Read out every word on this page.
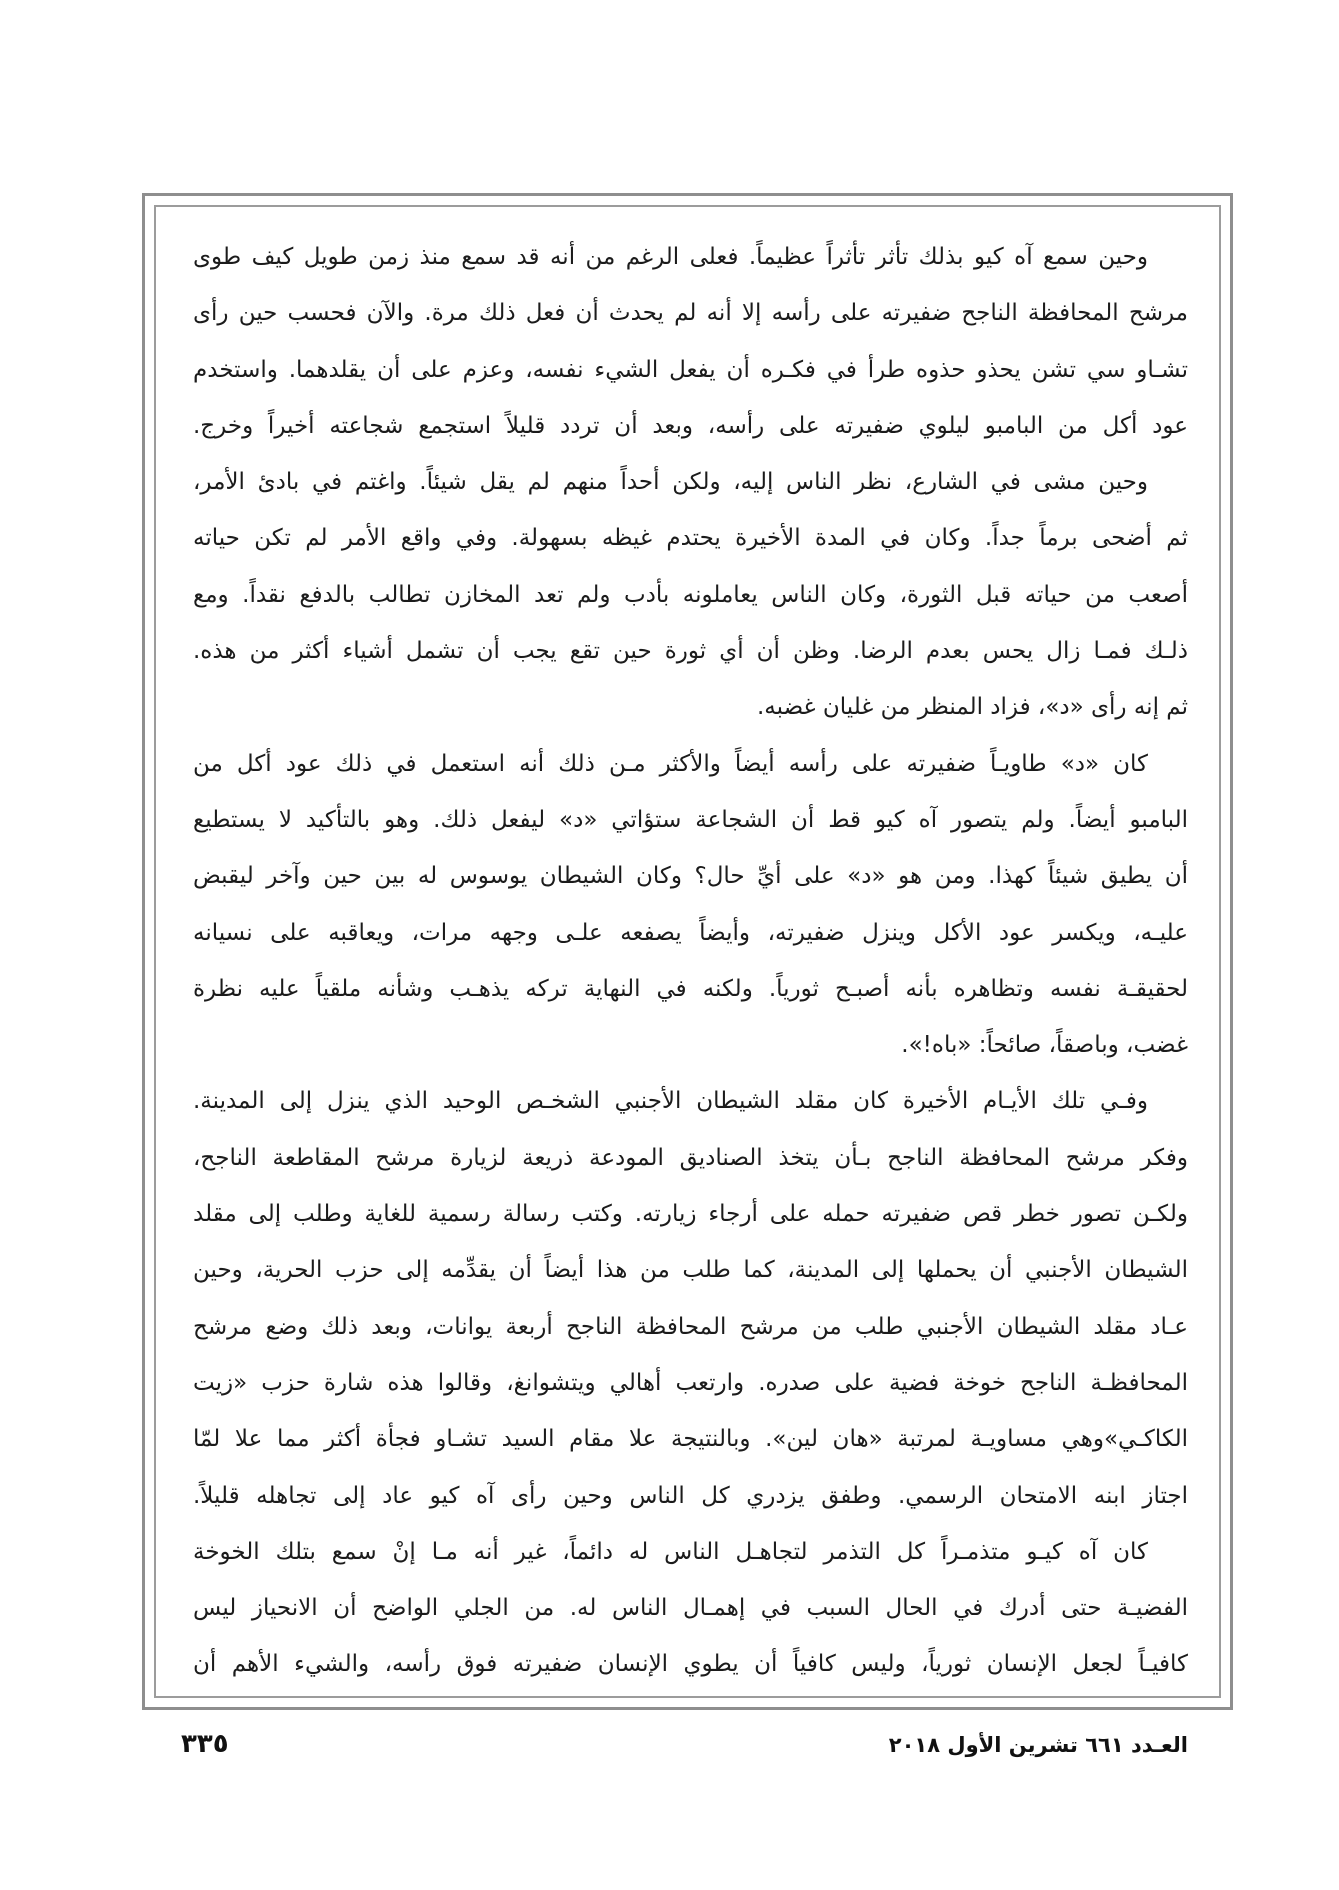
وحين سمع آه كيو بذلك تأثر تأثراً عظيماً. فعلى الرغم من أنه قد سمع منذ زمن طويل كيف طوى
مرشح المحافظة الناجح ضفيرته على رأسه إلا أنه لم يحدث أن فعل ذلك مرة. والآن فحسب حين رأى
تشـاو سي تشن يحذو حذوه طرأ في فكـره أن يفعل الشيء نفسه، وعزم على أن يقلدهما. واستخدم
عود أكل من البامبو ليلوي ضفيرته على رأسه، وبعد أن تردد قليلاً استجمع شجاعته أخيراً وخرج.
وحين مشى في الشارع، نظر الناس إليه، ولكن أحداً منهم لم يقل شيئاً. واغتم في بادئ الأمر،
ثم أضحى برماً جداً. وكان في المدة الأخيرة يحتدم غيظه بسهولة. وفي واقع الأمر لم تكن حياته
أصعب من حياته قبل الثورة، وكان الناس يعاملونه بأدب ولم تعد المخازن تطالب بالدفع نقداً. ومع
ذلـك فمـا زال يحس بعدم الرضا. وظن أن أي ثورة حين تقع يجب أن تشمل أشياء أكثر من هذه.
ثم إنه رأى «د»، فزاد المنظر من غليان غضبه.
كان «د» طاويـاً ضفيرته على رأسه أيضاً والأكثر مـن ذلك أنه استعمل في ذلك عود أكل من
البامبو أيضاً. ولم يتصور آه كيو قط أن الشجاعة ستؤاتي «د» ليفعل ذلك. وهو بالتأكيد لا يستطيع
أن يطيق شيئاً كهذا. ومن هو «د» على أيِّ حال؟ وكان الشيطان يوسوس له بين حين وآخر ليقبض
عليـه، ويكسر عود الأكل وينزل ضفيرته، وأيضاً يصفعه علـى وجهه مرات، ويعاقبه على نسيانه
لحقيقـة نفسه وتظاهره بأنه أصبـح ثورياً. ولكنه في النهاية تركه يذهـب وشأنه ملقياً عليه نظرة
غضب، وباصقاً، صائحاً: «باه!».
وفـي تلك الأيـام الأخيرة كان مقلد الشيطان الأجنبي الشخـص الوحيد الذي ينزل إلى المدينة.
وفكر مرشح المحافظة الناجح بـأن يتخذ الصناديق المودعة ذريعة لزيارة مرشح المقاطعة الناجح،
ولكـن تصور خطر قص ضفيرته حمله على أرجاء زيارته. وكتب رسالة رسمية للغاية وطلب إلى مقلد
الشيطان الأجنبي أن يحملها إلى المدينة، كما طلب من هذا أيضاً أن يقدِّمه إلى حزب الحرية، وحين
عـاد مقلد الشيطان الأجنبي طلب من مرشح المحافظة الناجح أربعة يوانات، وبعد ذلك وضع مرشح
المحافظـة الناجح خوخة فضية على صدره. وارتعب أهالي ويتشوانغ، وقالوا هذه شارة حزب «زيت
الكاكـي»وهي مساويـة لمرتبة «هان لين». وبالنتيجة علا مقام السيد تشـاو فجأة أكثر مما علا لمّا
اجتاز ابنه الامتحان الرسمي. وطفق يزدري كل الناس وحين رأى آه كيو عاد إلى تجاهله قليلاً.
كان آه كيـو متذمـراً كل التذمر لتجاهـل الناس له دائماً، غير أنه مـا إنْ سمع بتلك الخوخة
الفضيـة حتى أدرك في الحال السبب في إهمـال الناس له. من الجلي الواضح أن الانحياز ليس
كافيـاً لجعل الإنسان ثورياً، وليس كافياً أن يطوي الإنسان ضفيرته فوق رأسه، والشيء الأهم أن
العـدد ٦٦١ تشرين الأول ٢٠١٨
٣٣٥
